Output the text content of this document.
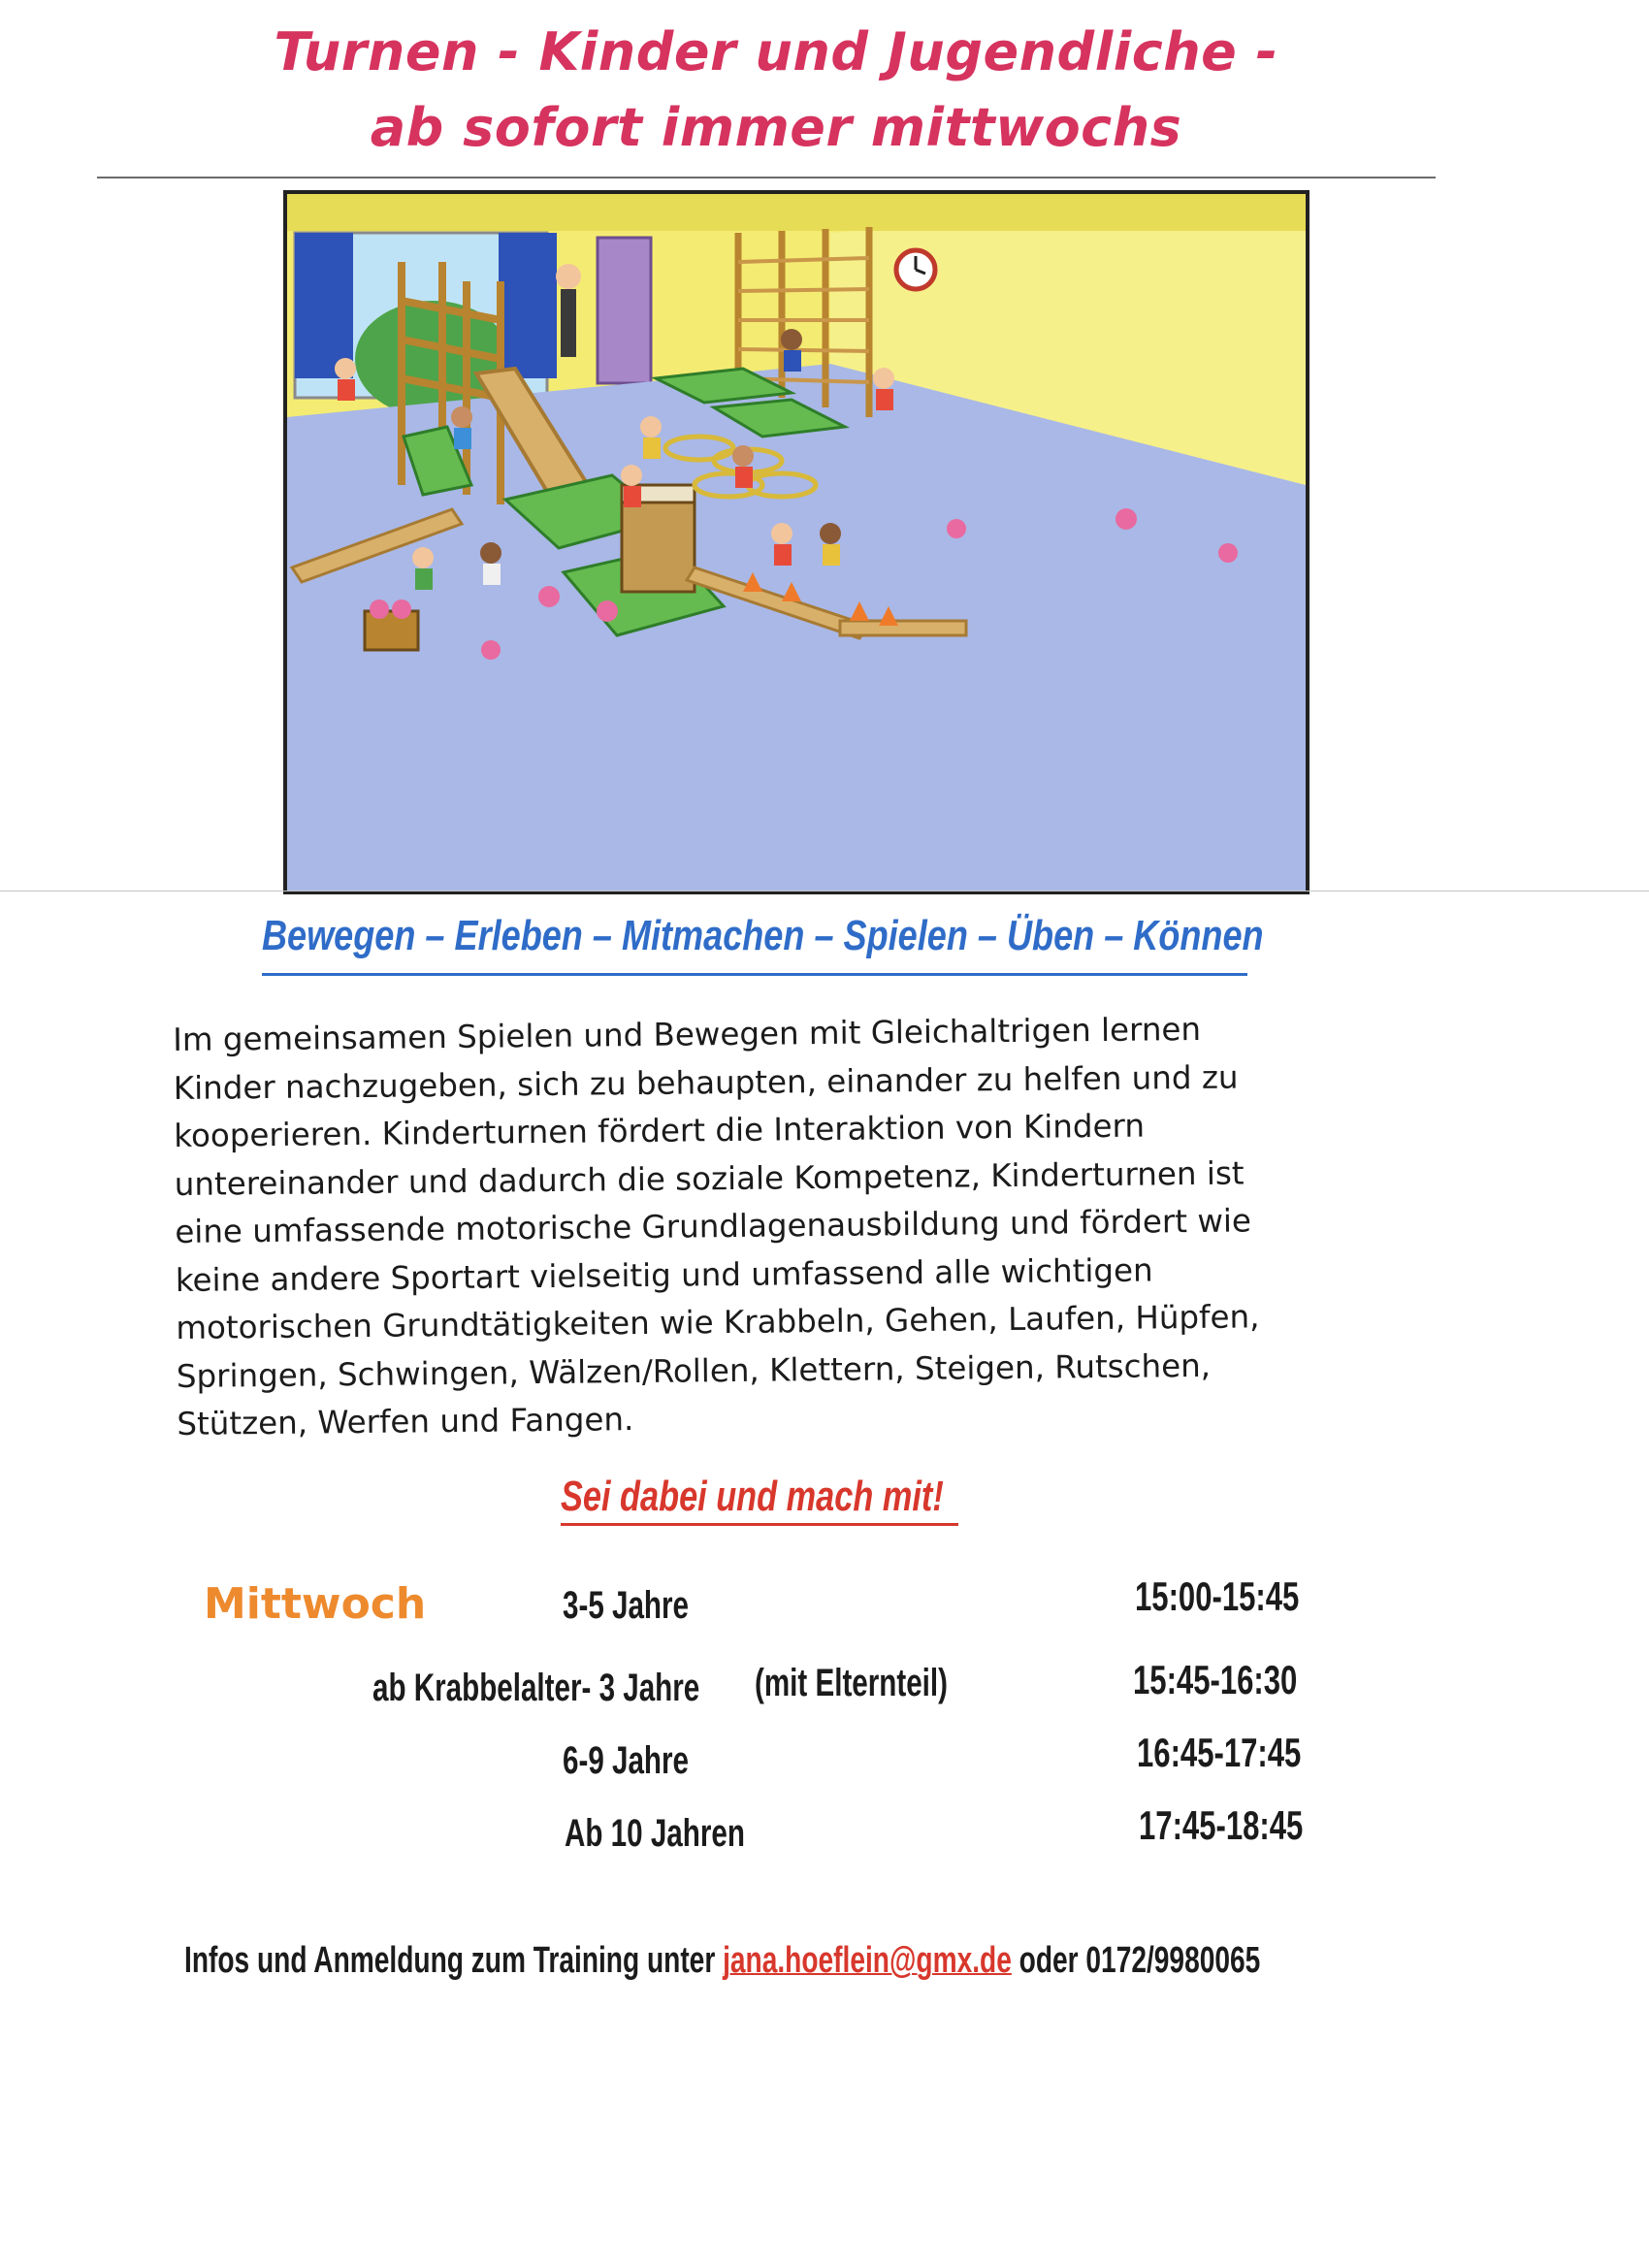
Turnen - Kinder und Jugendliche -
ab sofort immer mittwochs
Bewegen – Erleben – Mitmachen – Spielen – Üben – Können
Im gemeinsamen Spielen und Bewegen mit Gleichaltrigen lernen
Kinder nachzugeben, sich zu behaupten, einander zu helfen und zu
kooperieren. Kinderturnen fördert die Interaktion von Kindern
untereinander und dadurch die soziale Kompetenz, Kinderturnen ist
eine umfassende motorische Grundlagenausbildung und fördert wie
keine andere Sportart vielseitig und umfassend alle wichtigen
motorischen Grundtätigkeiten wie Krabbeln, Gehen, Laufen, Hüpfen,
Springen, Schwingen, Wälzen/Rollen, Klettern, Steigen, Rutschen,
Stützen, Werfen und Fangen.
Sei dabei und mach mit!
Mittwoch	3-5 Jahre	15:00-15:45
ab Krabbelalter- 3 Jahre (mit Elternteil)	15:45-16:30
6-9 Jahre	16:45-17:45
Ab 10 Jahren	17:45-18:45
Infos und Anmeldung zum Training unter jana.hoeflein@gmx.de oder 0172/9980065
